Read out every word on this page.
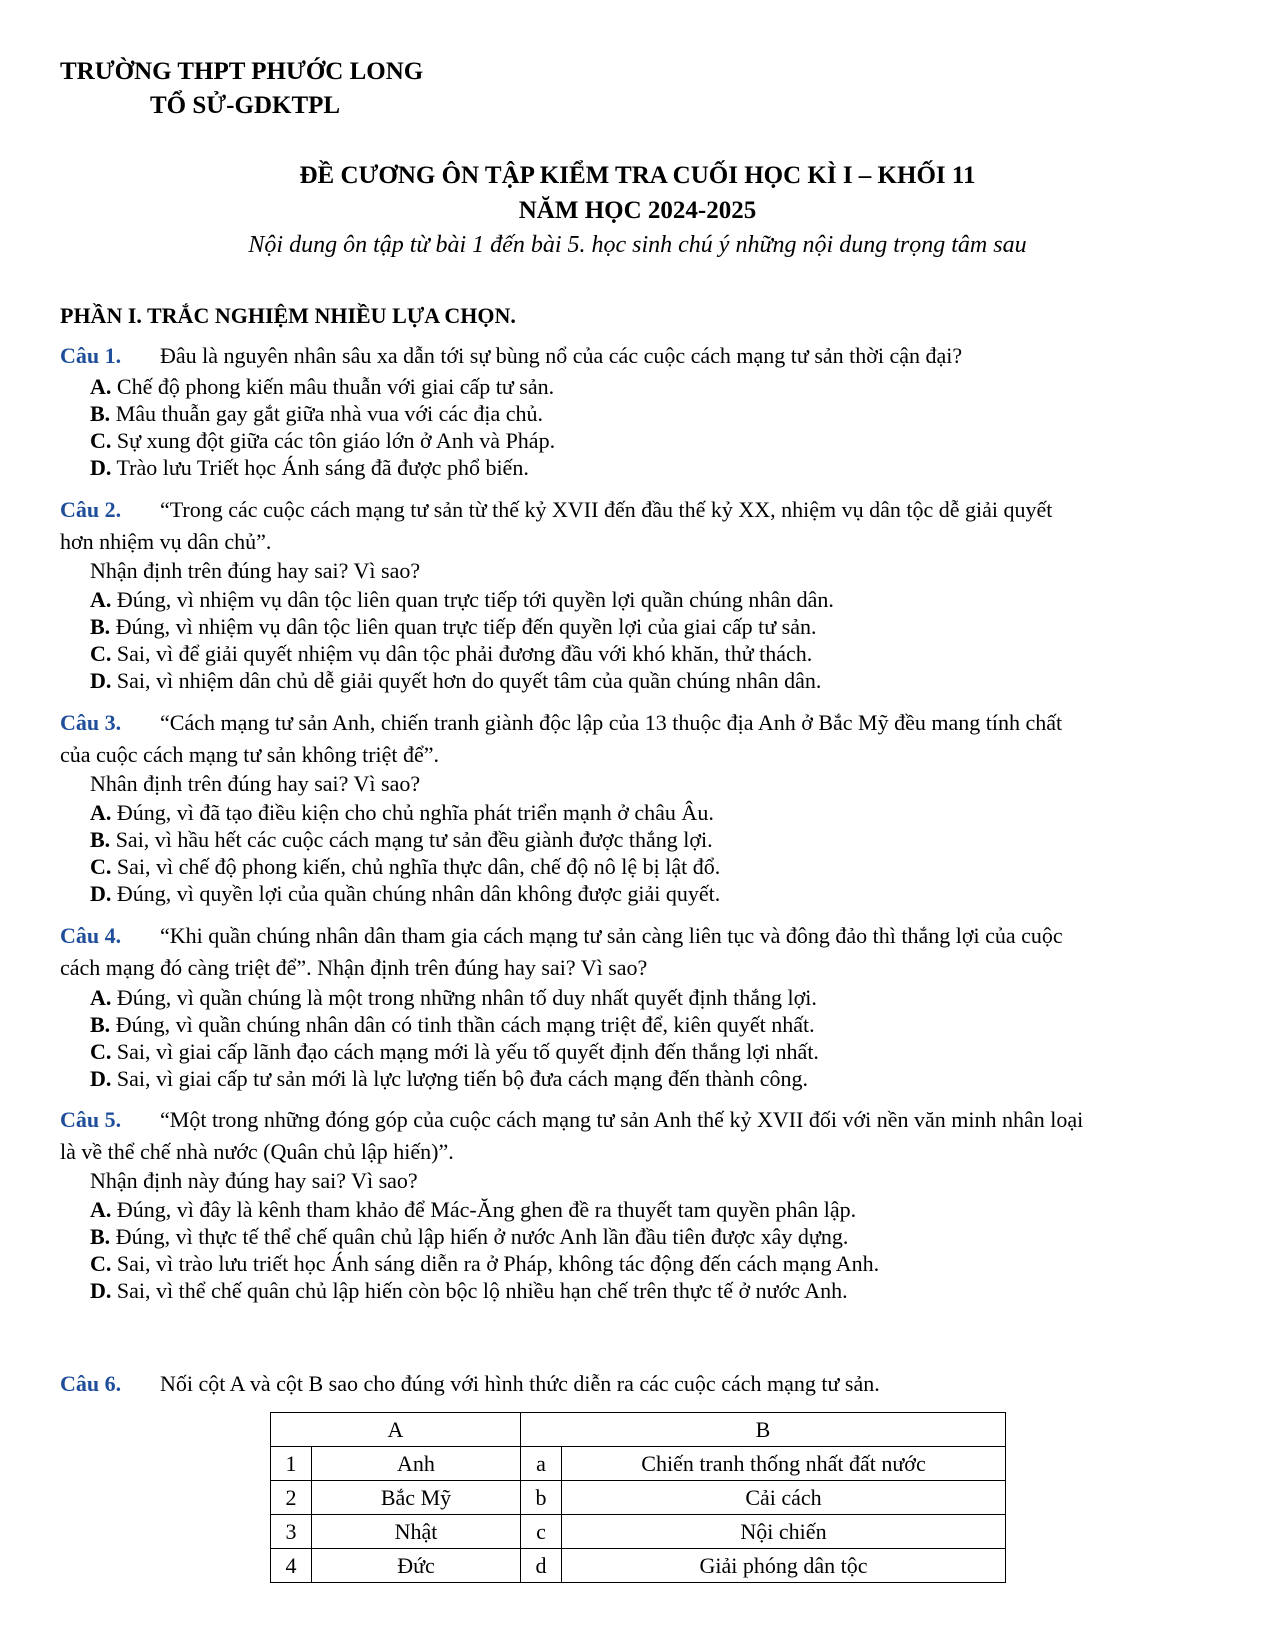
TRƯỜNG THPT PHƯỚC LONG
TỔ SỬ-GDKTPL
ĐỀ CƯƠNG ÔN TẬP KIỂM TRA CUỐI HỌC KÌ I – KHỐI 11
NĂM HỌC 2024-2025
Nội dung ôn tập từ bài 1 đến bài 5. học sinh chú ý những nội dung trọng tâm sau
PHẦN I. TRẮC NGHIỆM NHIỀU LỰA CHỌN.
Câu 1. Đâu là nguyên nhân sâu xa dẫn tới sự bùng nổ của các cuộc cách mạng tư sản thời cận đại?
A. Chế độ phong kiến mâu thuẫn với giai cấp tư sản.
B. Mâu thuẫn gay gắt giữa nhà vua với các địa chủ.
C. Sự xung đột giữa các tôn giáo lớn ở Anh và Pháp.
D. Trào lưu Triết học Ánh sáng đã được phổ biến.
Câu 2. “Trong các cuộc cách mạng tư sản từ thế kỷ XVII đến đầu thế kỷ XX, nhiệm vụ dân tộc dễ giải quyết
hơn nhiệm vụ dân chủ”.
Nhận định trên đúng hay sai? Vì sao?
A. Đúng, vì nhiệm vụ dân tộc liên quan trực tiếp tới quyền lợi quần chúng nhân dân.
B. Đúng, vì nhiệm vụ dân tộc liên quan trực tiếp đến quyền lợi của giai cấp tư sản.
C. Sai, vì để giải quyết nhiệm vụ dân tộc phải đương đầu với khó khăn, thử thách.
D. Sai, vì nhiệm dân chủ dễ giải quyết hơn do quyết tâm của quần chúng nhân dân.
Câu 3. “Cách mạng tư sản Anh, chiến tranh giành độc lập của 13 thuộc địa Anh ở Bắc Mỹ đều mang tính chất
của cuộc cách mạng tư sản không triệt để”.
Nhân định trên đúng hay sai? Vì sao?
A. Đúng, vì đã tạo điều kiện cho chủ nghĩa phát triển mạnh ở châu Âu.
B. Sai, vì hầu hết các cuộc cách mạng tư sản đều giành được thắng lợi.
C. Sai, vì chế độ phong kiến, chủ nghĩa thực dân, chế độ nô lệ bị lật đổ.
D. Đúng, vì quyền lợi của quần chúng nhân dân không được giải quyết.
Câu 4. “Khi quần chúng nhân dân tham gia cách mạng tư sản càng liên tục và đông đảo thì thắng lợi của cuộc
cách mạng đó càng triệt để”. Nhận định trên đúng hay sai? Vì sao?
A. Đúng, vì quần chúng là một trong những nhân tố duy nhất quyết định thắng lợi.
B. Đúng, vì quần chúng nhân dân có tinh thần cách mạng triệt để, kiên quyết nhất.
C. Sai, vì giai cấp lãnh đạo cách mạng mới là yếu tố quyết định đến thắng lợi nhất.
D. Sai, vì giai cấp tư sản mới là lực lượng tiến bộ đưa cách mạng đến thành công.
Câu 5. “Một trong những đóng góp của cuộc cách mạng tư sản Anh thế kỷ XVII đối với nền văn minh nhân loại
là về thể chế nhà nước (Quân chủ lập hiến)”.
Nhận định này đúng hay sai? Vì sao?
A. Đúng, vì đây là kênh tham khảo để Mác-Ăng ghen đề ra thuyết tam quyền phân lập.
B. Đúng, vì thực tế thể chế quân chủ lập hiến ở nước Anh lần đầu tiên được xây dựng.
C. Sai, vì trào lưu triết học Ánh sáng diễn ra ở Pháp, không tác động đến cách mạng Anh.
D. Sai, vì thể chế quân chủ lập hiến còn bộc lộ nhiều hạn chế trên thực tế ở nước Anh.
Câu 6. Nối cột A và cột B sao cho đúng với hình thức diễn ra các cuộc cách mạng tư sản.
A		B	
1	Anh	a	Chiến tranh thống nhất đất nước
2	Bắc Mỹ	b	Cải cách
3	Nhật	c	Nội chiến
4	Đức	d	Giải phóng dân tộc
